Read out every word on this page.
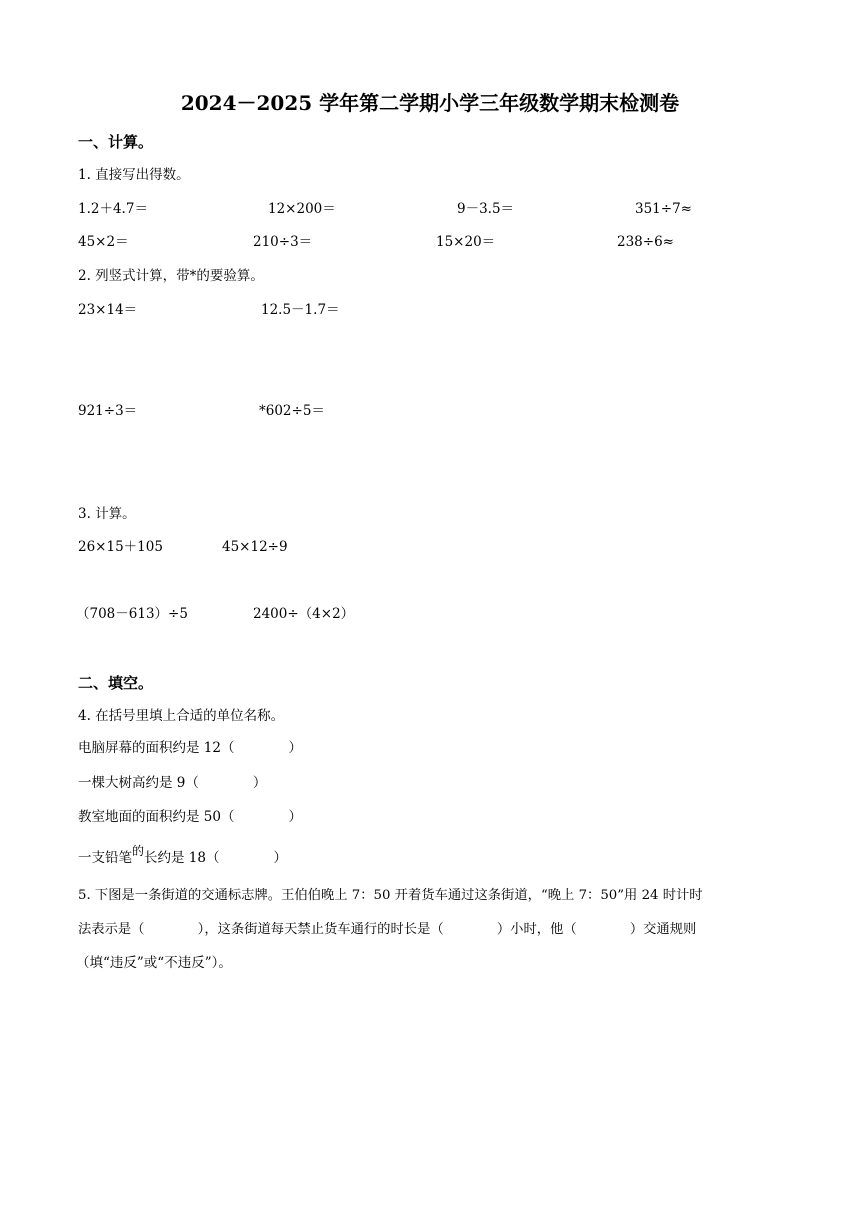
2024－2025 学年第二学期小学三年级数学期末检测卷
一、计算。
1. 直接写出得数。
1.2＋4.7＝	12×200＝	9－3.5＝	351÷7≈
45×2＝	210÷3＝	15×20＝	238÷6≈
2. 列竖式计算，带*的要验算。
23×14＝	12.5－1.7＝
921÷3＝	*602÷5＝
3. 计算。
26×15＋105	45×12÷9
（708－613）÷5	2400÷（4×2）
二、填空。
4. 在括号里填上合适的单位名称。
电脑屏幕的面积约是 12（　　　　）
一棵大树高约是 9（　　　　）
教室地面的面积约是 50（　　　　）
一支铅笔的长约是 18（　　　　）
5. 下图是一条街道的交通标志牌。王伯伯晚上 7：50 开着货车通过这条街道，“晚上 7：50”用 24 时计时
法表示是（　　　　），这条街道每天禁止货车通行的时长是（　　　　）小时，他（　　　　）交通规则
（填“违反”或“不违反”）。
